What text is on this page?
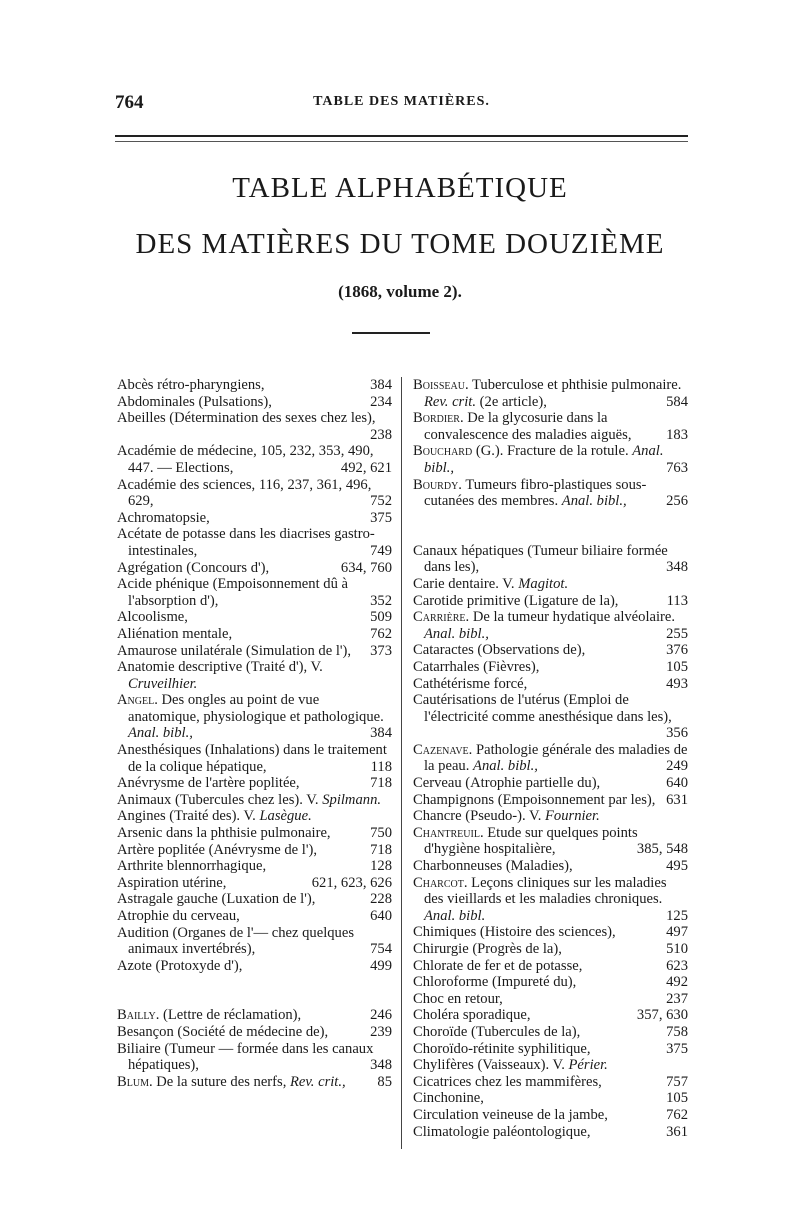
764	TABLE DES MATIÈRES.
TABLE ALPHABÉTIQUE
DES MATIÈRES DU TOME DOUZIÈME
(1868, volume 2).
Abcès rétro-pharyngiens,	384
Abdominales (Pulsations),	234
Abeilles (Détermination des sexes chez les),
238
Académie de médecine, 105, 232, 353, 490, 447. — Elections,	492, 621
Académie des sciences, 116, 237, 361, 496, 629,	752
Achromatopsie,	375
Acétate de potasse dans les diacrises gastro-intestinales,	749
Agrégation (Concours d'),	634, 760
Acide phénique (Empoisonnement dû à l'absorption d'),	352
Alcoolisme,	509
Aliénation mentale,	762
Amaurose unilatérale (Simulation de l'), 373
Anatomie descriptive (Traité d'), V. Cruveilhier.
Angel. Des ongles au point de vue anatomique, physiologique et pathologique. Anal. bibl.,	384
Anesthésiques (Inhalations) dans le traitement de la colique hépatique,	118
Anévrysme de l'artère poplitée,	718
Animaux (Tubercules chez les). V. Spilmann.
Angines (Traité des). V. Lasègue.
Arsenic dans la phthisie pulmonaire,	750
Artère poplitée (Anévrysme de l'),	718
Arthrite blennorrhagique,	128
Aspiration utérine,	621, 623, 626
Astragale gauche (Luxation de l'),	228
Atrophie du cerveau,	640
Audition (Organes de l'— chez quelques animaux invertébrés),	754
Azote (Protoxyde d'),	499
Bailly. (Lettre de réclamation),	246
Besançon (Société de médecine de),	239
Biliaire (Tumeur — formée dans les canaux hépatiques),	348
Blum. De la suture des nerfs, Rev. crit., 85
Boisseau. Tuberculose et phthisie pulmonaire. Rev. crit. (2e article),	584
Bordier. De la glycosurie dans la convalescence des maladies aiguës, 183
Bouchard (G.). Fracture de la rotule. Anal. bibl.,	763
Bourdy. Tumeurs fibro-plastiques sous-cutanées des membres. Anal. bibl.,	256
Canaux hépatiques (Tumeur biliaire formée dans les),	348
Carie dentaire. V. Magitot.
Carotide primitive (Ligature de la),	113
Carrière. De la tumeur hydatique alvéolaire. Anal. bibl.,	255
Cataractes (Observations de),	376
Catarrhales (Fièvres),	105
Cathétérisme forcé,	493
Cautérisations de l'utérus (Emploi de l'électricité comme anesthésique dans les),
356
Cazenave. Pathologie générale des maladies de la peau. Anal. bibl.,	249
Cerveau (Atrophie partielle du),	640
Champignons (Empoisonnement par les), 631
Chancre (Pseudo-). V. Fournier.
Chantreuil. Etude sur quelques points d'hygiène hospitalière,	385, 548
Charbonneuses (Maladies),	495
Charcot. Leçons cliniques sur les maladies des vieillards et les maladies chroniques. Anal. bibl.	125
Chimiques (Histoire des sciences),	497
Chirurgie (Progrès de la),	510
Chlorate de fer et de potasse,	623
Chloroforme (Impureté du),	492
Choc en retour,	237
Choléra sporadique,	357, 630
Choroïde (Tubercules de la),	758
Choroïdo-rétinite syphilitique,	375
Chylifères (Vaisseaux). V. Périer.
Cicatrices chez les mammifères,	757
Cinchonine,	105
Circulation veineuse de la jambe,	762
Climatologie paléontologique,	361
